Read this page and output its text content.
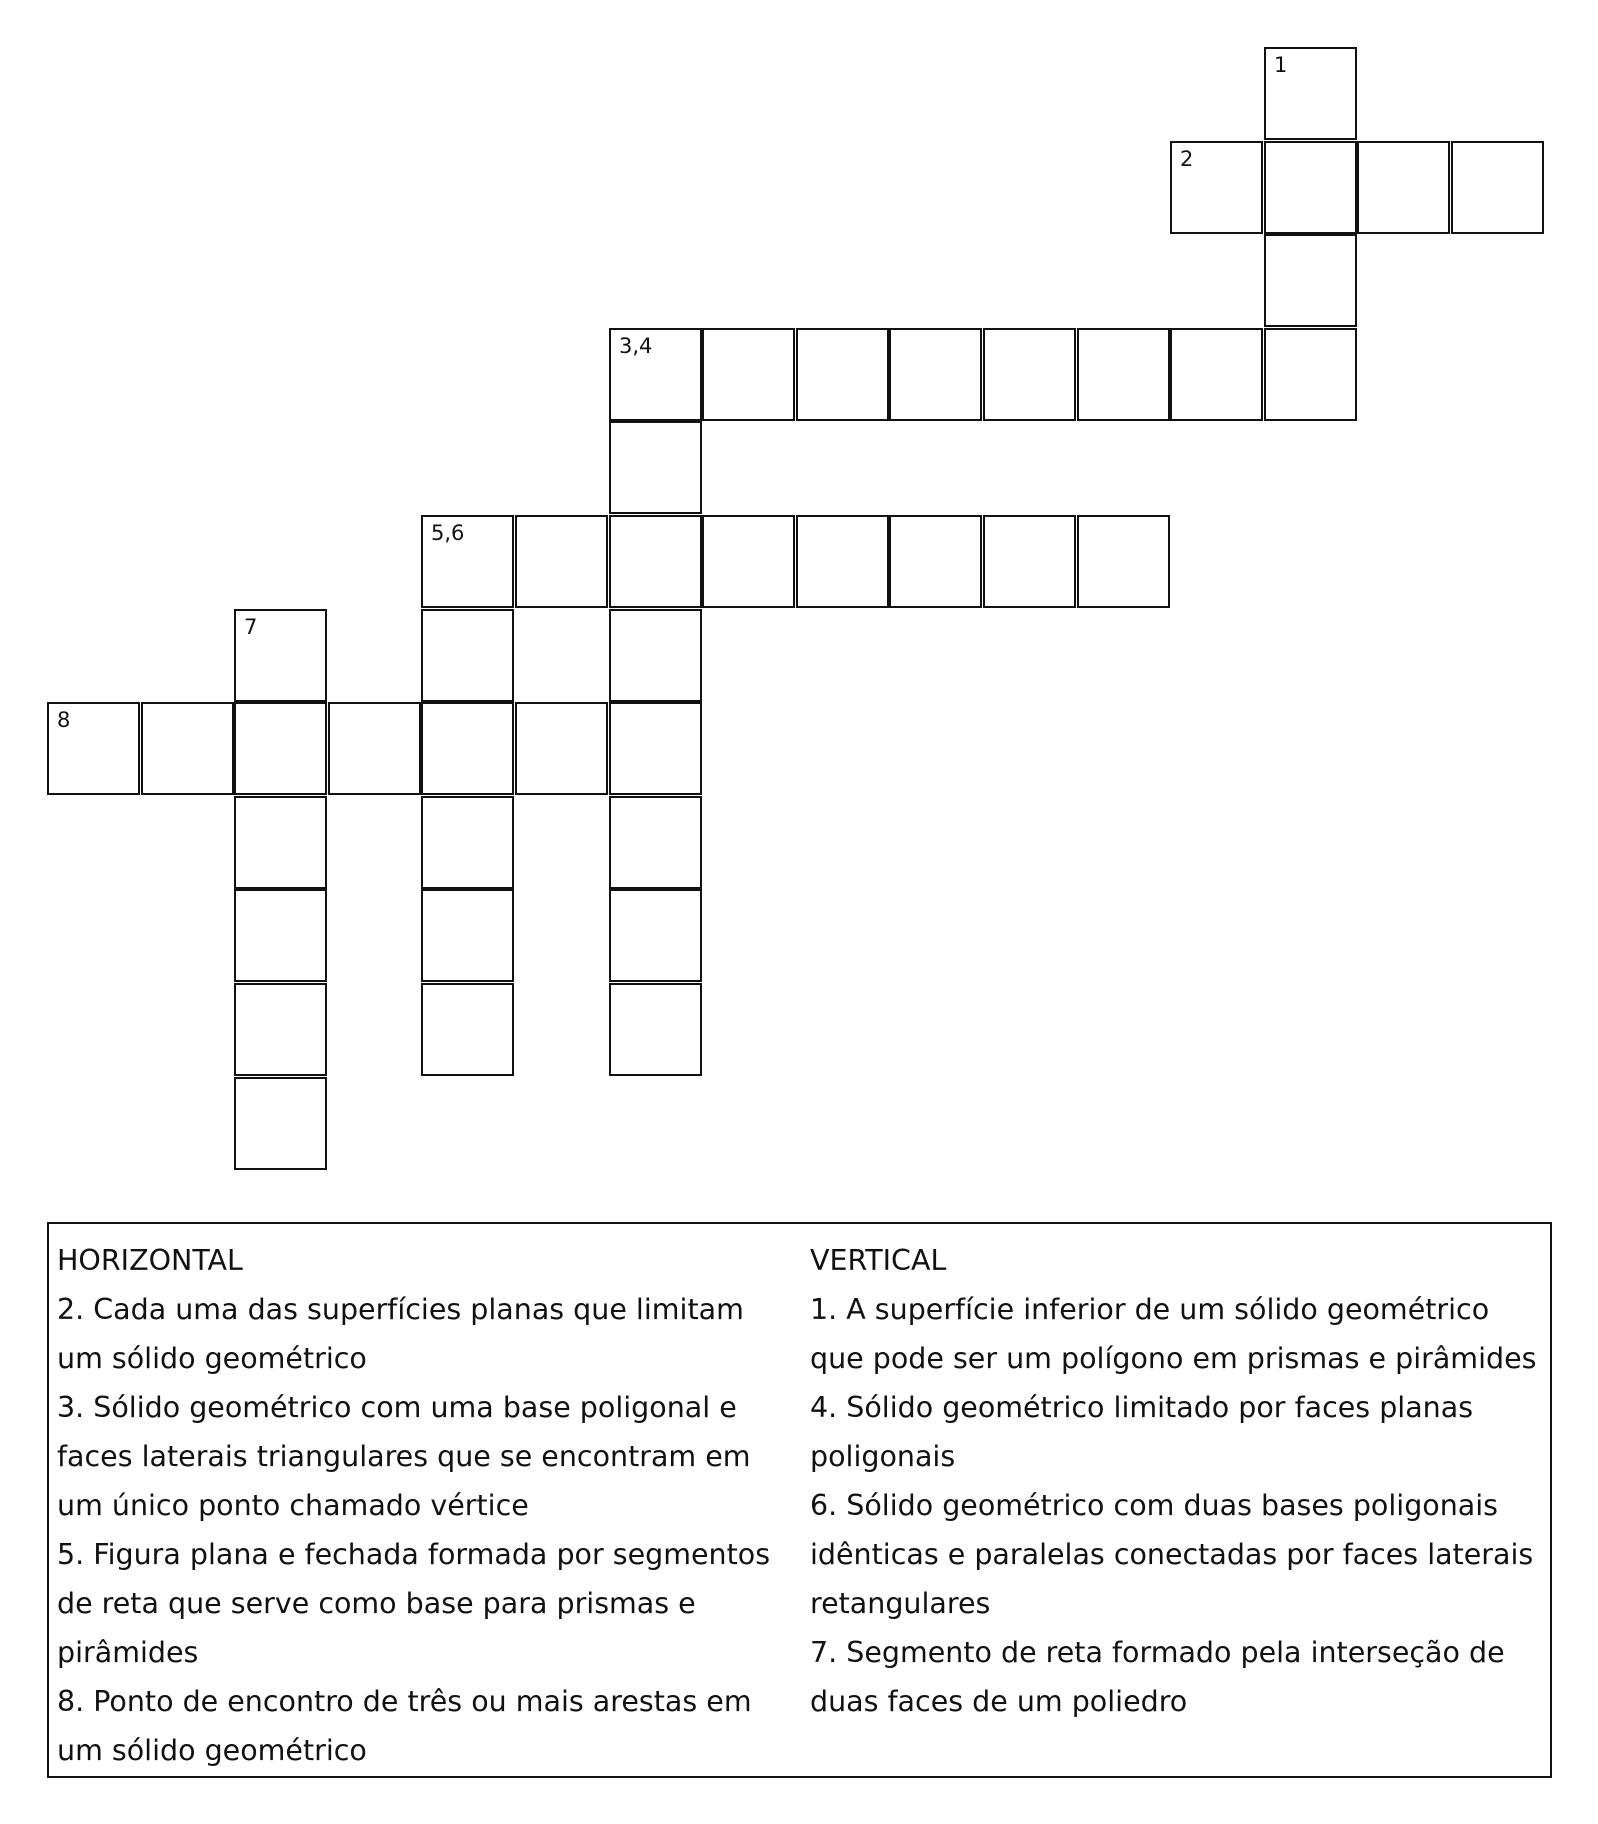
1
2
3,4
5,6
7
8
HORIZONTAL
2. Cada uma das superfícies planas que limitam um sólido geométrico
3. Sólido geométrico com uma base poligonal e faces laterais triangulares que se encontram em um único ponto chamado vértice
5. Figura plana e fechada formada por segmentos de reta que serve como base para prismas e pirâmides
8. Ponto de encontro de três ou mais arestas em um sólido geométrico
VERTICAL
1. A superfície inferior de um sólido geométrico que pode ser um polígono em prismas e pirâmides
4. Sólido geométrico limitado por faces planas poligonais
6. Sólido geométrico com duas bases poligonais idênticas e paralelas conectadas por faces laterais retangulares
7. Segmento de reta formado pela interseção de duas faces de um poliedro
